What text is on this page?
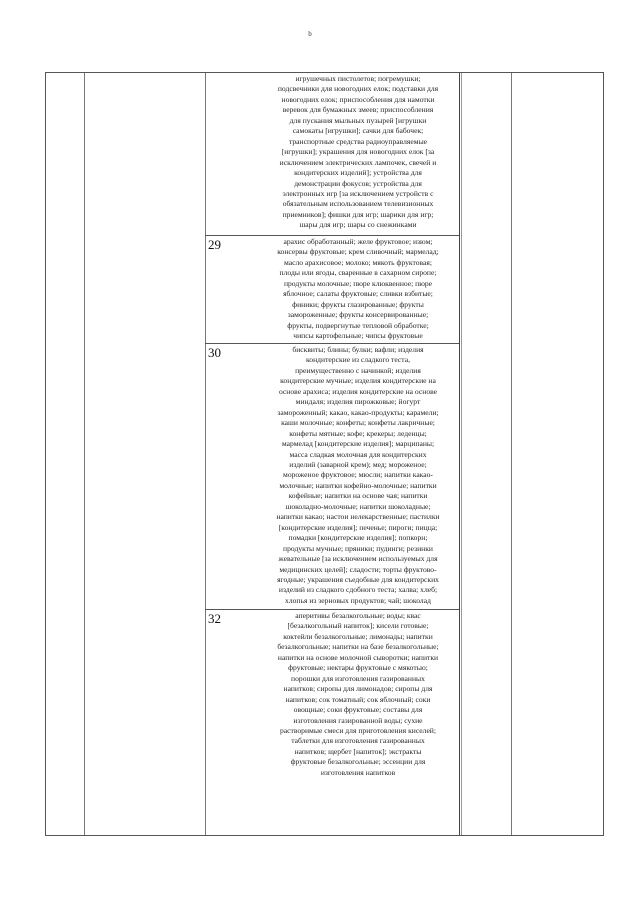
b
игрушечных пистолетов; погремушки;
подсвечники для новогодних елок; подставки для
новогодних елок; приспособления для намотки
веревок для бумажных змеев; приспособления
для пускания мыльных пузырей [игрушки
самокаты [игрушки]; сачки для бабочек;
транспортные средства радиоуправляемые
[игрушки]; украшения для новогодних елок [за
исключением электрических лампочек, свечей и
кондитерских изделий]; устройства для
демонстрации фокусов; устройства для
электронных игр [за исключением устройств с
обязательным использованием телевизионных
приемников]; фишки для игр; шарики для игр;
шары для игр; шары со снежинками
29	арахис обработанный; желе фруктовое; изюм;
консервы фруктовые; крем сливочный; мармелад;
масло арахисовое; молоко; мякоть фруктовая;
плоды или ягоды, сваренные в сахарном сиропе;
продукты молочные; пюре клюквенное; пюре
яблочное; салаты фруктовые; сливки взбитые;
финики; фрукты глазированные; фрукты
замороженные; фрукты консервированные;
фрукты, подвергнутые тепловой обработке;
чипсы картофельные; чипсы фруктовые
30	бисквиты; блины; булки; вафли; изделия
кондитерские из сладкого теста,
преимущественно с начинкой; изделия
кондитерские мучные; изделия кондитерские на
основе арахиса; изделия кондитерские на основе
миндаля; изделия пирожковые; йогурт
замороженный; какао, какао-продукты; карамели;
каши молочные; конфеты; конфеты лакричные;
конфеты мятные; кофе; крекеры; леденцы;
мармелад [кондитерские изделия]; марципаны;
масса сладкая молочная для кондитерских
изделий (заварной крем); мед; мороженое;
мороженое фруктовое; мюсли; напитки какао-
молочные; напитки кофейно-молочные; напитки
кофейные; напитки на основе чая; напитки
шоколадно-молочные; напитки шоколадные;
напитки какао; настои нелекарственные; пастилки
[кондитерские изделия]; печенье; пироги; пицца;
помадки [кондитерские изделия]; попкорн;
продукты мучные; пряники; пудинги; резинки
жевательные [за исключением используемых для
медицинских целей]; сладости; торты фруктово-
ягодные; украшения съедобные для кондитерских
изделий из сладкого сдобного теста; халва; хлеб;
хлопья из зерновых продуктов; чай; шоколад
32	аперитивы безалкогольные; воды; квас
[безалкогольный напиток]; кисели готовые;
коктейли безалкогольные; лимонады; напитки
безалкогольные; напитки на базе безалкогольные;
напитки на основе молочной сыворотки; напитки
фруктовые; нектары фруктовые с мякотью;
порошки для изготовления газированных
напитков; сиропы для лимонадов; сиропы для
напитков; сок томатный; сок яблочный; соки
овощные; соки фруктовые; составы для
изготовления газированной воды; сухие
растворимые смеси для приготовления киселей;
таблетки для изготовления газированных
напитков; щербет [напиток]; экстракты
фруктовые безалкогольные; эссенции для
изготовления напитков
